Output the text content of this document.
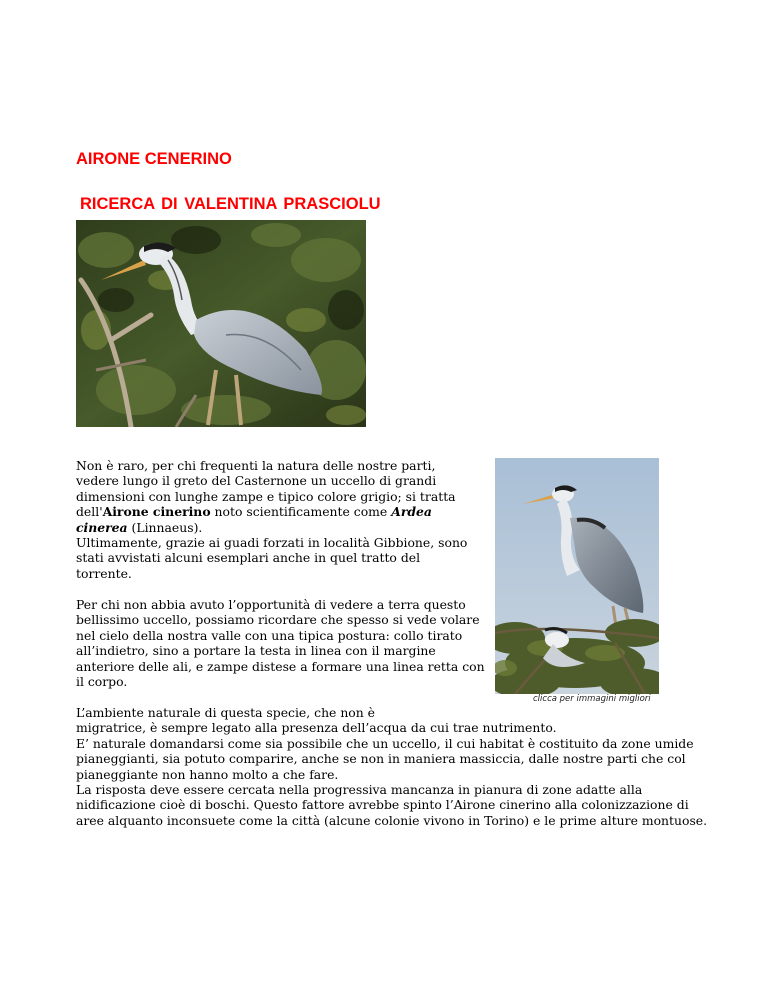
AIRONE CENERINO
RICERCA DI VALENTINA PRASCIOLU

Non è raro, per chi frequenti la natura delle nostre parti, vedere lungo il greto del Casternone un uccello di grandi dimensioni con lunghe zampe e tipico colore grigio; si tratta dell'Airone cinerino noto scientificamente come Ardea cinerea (Linnaeus).
Ultimamente, grazie ai guadi forzati in località Gibbione, sono stati avvistati alcuni esemplari anche in quel tratto del torrente.

clicca per immagini migliori

Per chi non abbia avuto l’opportunità di vedere a terra questo bellissimo uccello, possiamo ricordare che spesso si vede volare nel cielo della nostra valle con una tipica postura: collo tirato all’indietro, sino a portare la testa in linea con il margine anteriore delle ali, e zampe distese a formare una linea retta con il corpo.

L’ambiente naturale di questa specie, che non è
migratrice, è sempre legato alla presenza dell’acqua da cui trae nutrimento.
E’ naturale domandarsi come sia possibile che un uccello, il cui habitat è costituito da zone umide pianeggianti, sia potuto comparire, anche se non in maniera massiccia, dalle nostre parti che col pianeggiante non hanno molto a che fare.
La risposta deve essere cercata nella progressiva mancanza in pianura di zone adatte alla nidificazione cioè di boschi. Questo fattore avrebbe spinto l’Airone cinerino alla colonizzazione di aree alquanto inconsuete come la città (alcune colonie vivono in Torino) e le prime alture montuose.
